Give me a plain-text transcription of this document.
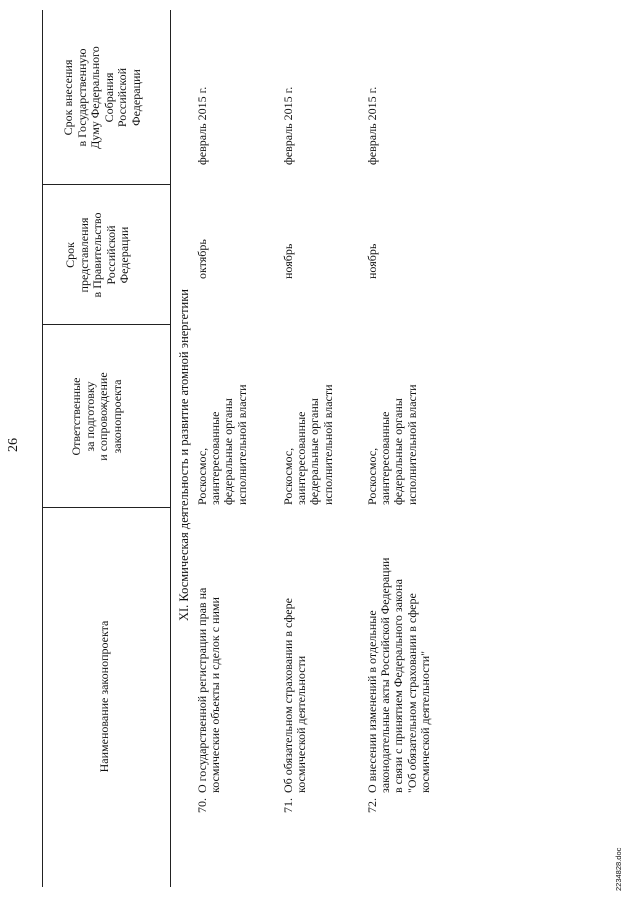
26
Наименование законопроекта
Ответственные за подготовку и сопровождение законопроекта
Срок представления в Правительство Российской Федерации
Срок внесения в Государственную Думу Федерального Собрания Российской Федерации
XI. Космическая деятельность и развитие атомной энергетики
70.
О государственной регистрации прав на космические объекты и сделок с ними
Роскосмос, заинтересованные федеральные органы исполнительной власти
октябрь
февраль 2015 г.
71.
Об обязательном страховании в сфере космической деятельности
Роскосмос, заинтересованные федеральные органы исполнительной власти
ноябрь
февраль 2015 г.
72.
О внесении изменений в отдельные законодательные акты Российской Федерации в связи с принятием Федерального закона "Об обязательном страховании в сфере космической деятельности"
Роскосмос, заинтересованные федеральные органы исполнительной власти
ноябрь
февраль 2015 г.
2234828.doc
